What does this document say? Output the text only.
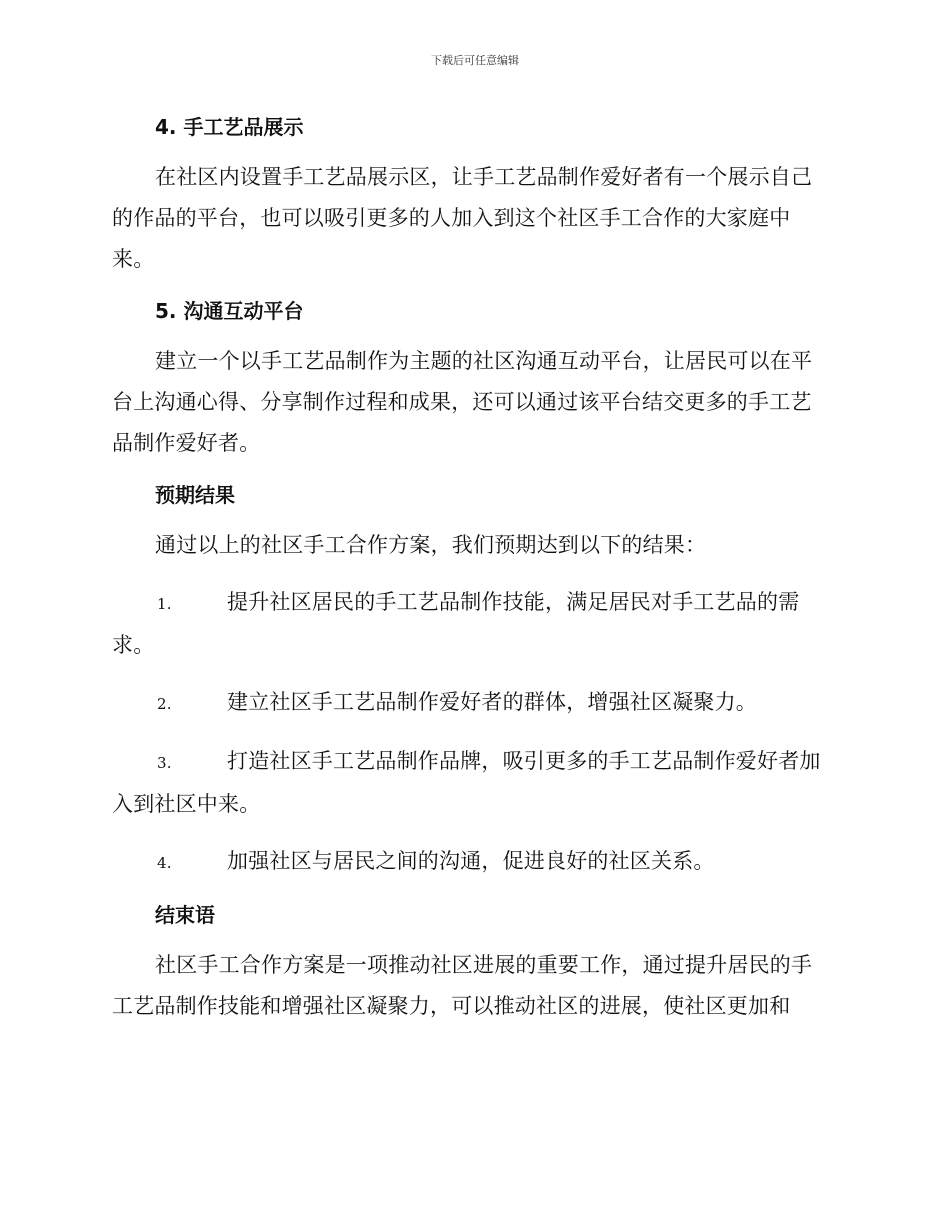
下载后可任意编辑
4. 手工艺品展示

在社区内设置手工艺品展示区，让手工艺品制作爱好者有一个展示自己的作品的平台，也可以吸引更多的人加入到这个社区手工合作的大家庭中来。

5. 沟通互动平台

建立一个以手工艺品制作为主题的社区沟通互动平台，让居民可以在平台上沟通心得、分享制作过程和成果，还可以通过该平台结交更多的手工艺品制作爱好者。

预期结果

通过以上的社区手工合作方案，我们预期达到以下的结果：

1.	提升社区居民的手工艺品制作技能，满足居民对手工艺品的需求。

2.	建立社区手工艺品制作爱好者的群体，增强社区凝聚力。

3.	打造社区手工艺品制作品牌，吸引更多的手工艺品制作爱好者加入到社区中来。

4.	加强社区与居民之间的沟通，促进良好的社区关系。

结束语

社区手工合作方案是一项推动社区进展的重要工作，通过提升居民的手工艺品制作技能和增强社区凝聚力，可以推动社区的进展，使社区更加和
